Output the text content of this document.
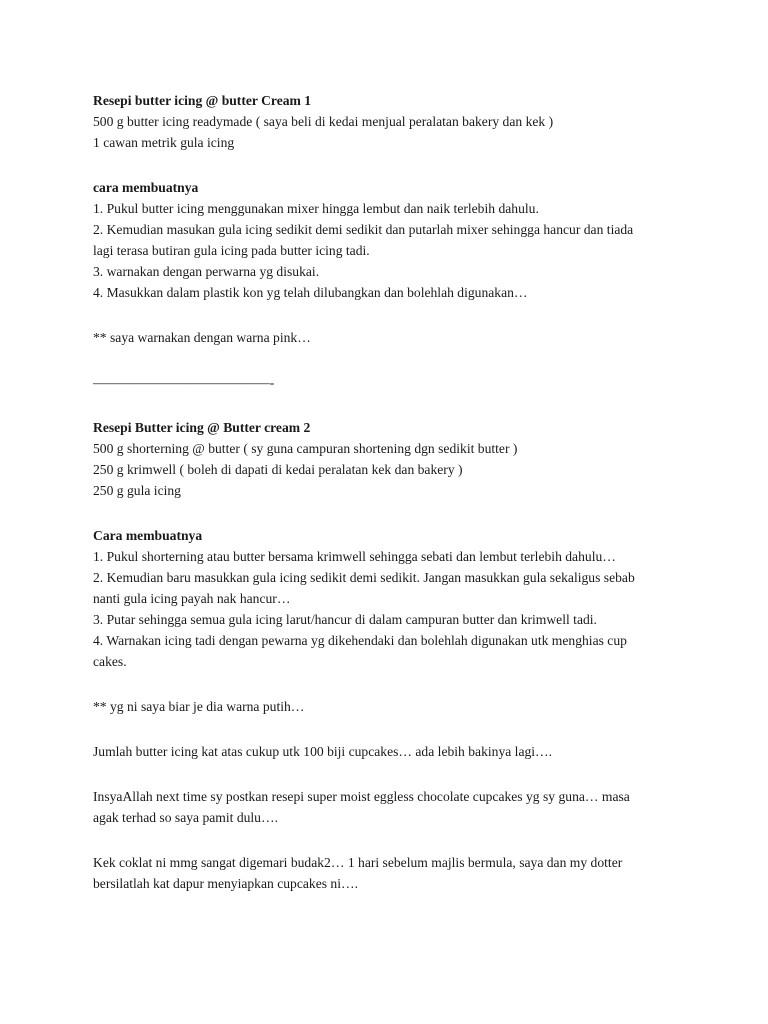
Resepi butter icing @ butter Cream 1

500 g butter icing readymade ( saya beli di kedai menjual peralatan bakery dan kek )

1 cawan metrik gula icing

cara membuatnya

1. Pukul butter icing menggunakan mixer hingga lembut dan naik terlebih dahulu.

2. Kemudian masukan gula icing sedikit demi sedikit dan putarlah mixer sehingga hancur dan tiada

lagi terasa butiran gula icing pada butter icing tadi.

3. warnakan dengan perwarna yg disukai.

4. Masukkan dalam plastik kon yg telah dilubangkan dan bolehlah digunakan…

** saya warnakan dengan warna pink…

—————————————-

Resepi Butter icing @ Butter cream 2

500 g shorterning @ butter ( sy guna campuran shortening dgn sedikit butter )

250 g krimwell ( boleh di dapati di kedai peralatan kek dan bakery )

250 g gula icing

Cara membuatnya

1. Pukul shorterning atau butter bersama krimwell sehingga sebati dan lembut terlebih dahulu…

2. Kemudian baru masukkan gula icing sedikit demi sedikit. Jangan masukkan gula sekaligus sebab

nanti gula icing payah nak hancur…

3. Putar sehingga semua gula icing larut/hancur di dalam campuran butter dan krimwell tadi.

4. Warnakan icing tadi dengan pewarna yg dikehendaki dan bolehlah digunakan utk menghias cup

cakes.

** yg ni saya biar je dia warna putih…

Jumlah butter icing kat atas cukup utk 100 biji cupcakes… ada lebih bakinya lagi….

InsyaAllah next time sy postkan resepi super moist eggless chocolate cupcakes yg sy guna… masa

agak terhad so saya pamit dulu….

Kek coklat ni mmg sangat digemari budak2… 1 hari sebelum majlis bermula, saya dan my dotter

bersilatlah kat dapur menyiapkan cupcakes ni….
